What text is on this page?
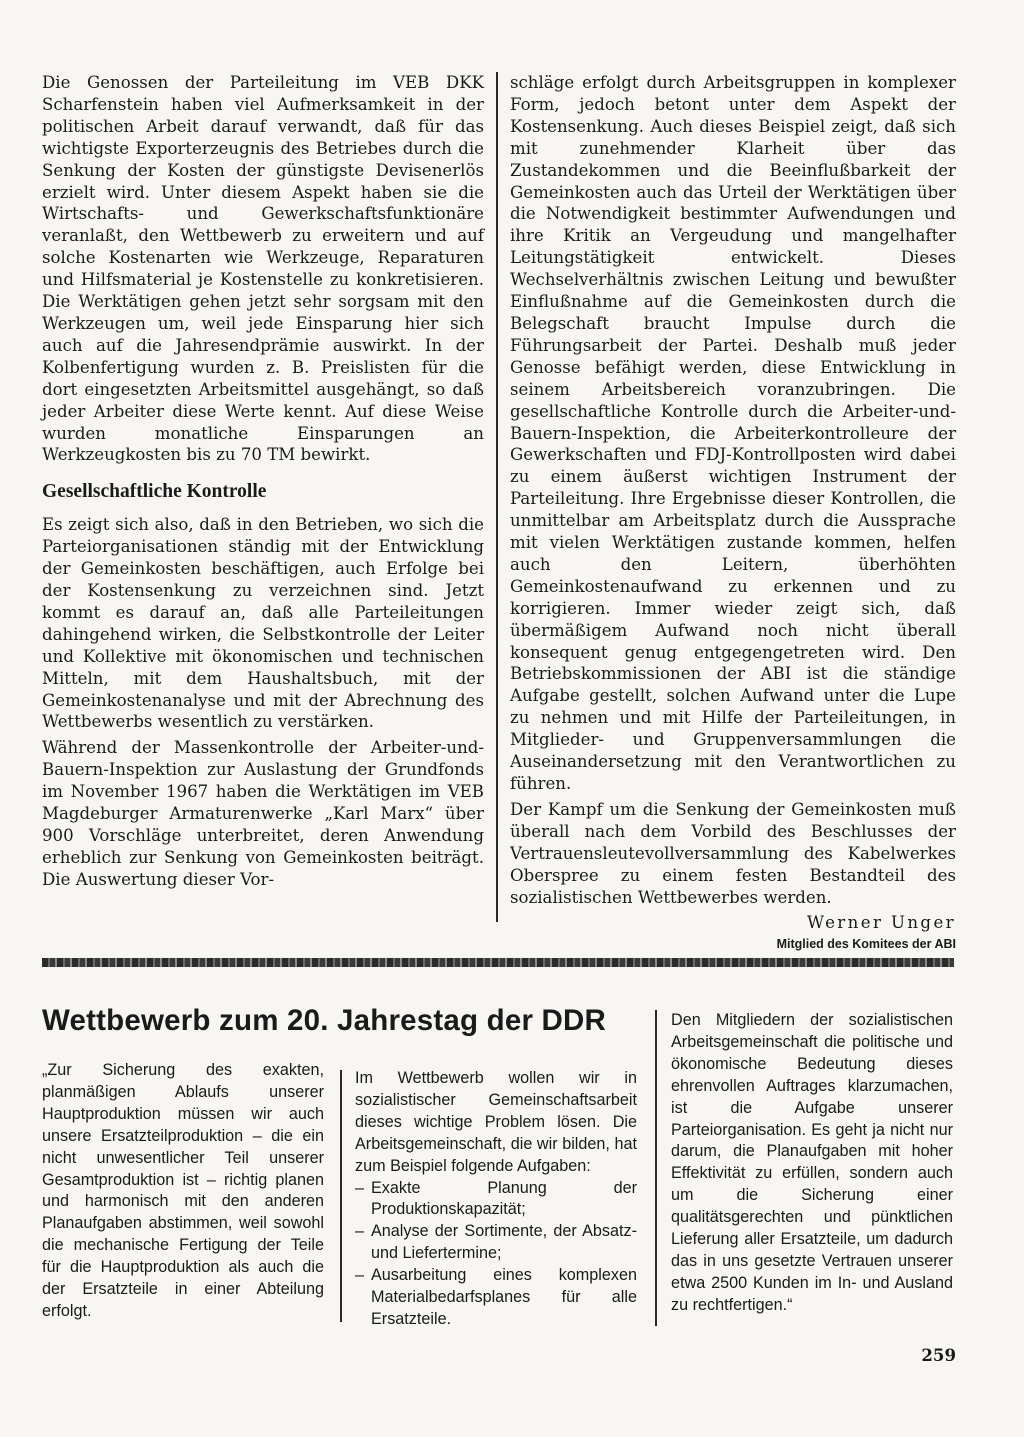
Die Genossen der Parteileitung im VEB DKK Scharfenstein haben viel Aufmerksamkeit in der politischen Arbeit darauf verwandt, daß für das wichtigste Exporterzeugnis des Betriebes durch die Senkung der Kosten der günstigste Devisenerlös erzielt wird. Unter diesem Aspekt haben sie die Wirtschafts- und Gewerkschaftsfunktionäre veranlaßt, den Wettbewerb zu erweitern und auf solche Kostenarten wie Werkzeuge, Reparaturen und Hilfsmaterial je Kostenstelle zu konkretisieren. Die Werktätigen gehen jetzt sehr sorgsam mit den Werkzeugen um, weil jede Einsparung hier sich auch auf die Jahresendprämie auswirkt. In der Kolbenfertigung wurden z. B. Preislisten für die dort eingesetzten Arbeitsmittel ausgehängt, so daß jeder Arbeiter diese Werte kennt. Auf diese Weise wurden monatliche Einsparungen an Werkzeugkosten bis zu 70 TM bewirkt.

Gesellschaftliche Kontrolle

Es zeigt sich also, daß in den Betrieben, wo sich die Parteiorganisationen ständig mit der Entwicklung der Gemeinkosten beschäftigen, auch Erfolge bei der Kostensenkung zu verzeichnen sind. Jetzt kommt es darauf an, daß alle Parteileitungen dahingehend wirken, die Selbstkontrolle der Leiter und Kollektive mit ökonomischen und technischen Mitteln, mit dem Haushaltsbuch, mit der Gemeinkostenanalyse und mit der Abrechnung des Wettbewerbs wesentlich zu verstärken.

Während der Massenkontrolle der Arbeiter-und-Bauern-Inspektion zur Auslastung der Grundfonds im November 1967 haben die Werktätigen im VEB Magdeburger Armaturenwerke „Karl Marx“ über 900 Vorschläge unterbreitet, deren Anwendung erheblich zur Senkung von Gemeinkosten beiträgt. Die Auswertung dieser Vor-

schläge erfolgt durch Arbeitsgruppen in komplexer Form, jedoch betont unter dem Aspekt der Kostensenkung. Auch dieses Beispiel zeigt, daß sich mit zunehmender Klarheit über das Zustandekommen und die Beeinflußbarkeit der Gemeinkosten auch das Urteil der Werktätigen über die Notwendigkeit bestimmter Aufwendungen und ihre Kritik an Vergeudung und mangelhafter Leitungstätigkeit entwickelt. Dieses Wechselverhältnis zwischen Leitung und bewußter Einflußnahme auf die Gemeinkosten durch die Belegschaft braucht Impulse durch die Führungsarbeit der Partei. Deshalb muß jeder Genosse befähigt werden, diese Entwicklung in seinem Arbeitsbereich voranzubringen. Die gesellschaftliche Kontrolle durch die Arbeiter-und-Bauern-Inspektion, die Arbeiterkontrolleure der Gewerkschaften und FDJ-Kontrollposten wird dabei zu einem äußerst wichtigen Instrument der Parteileitung. Ihre Ergebnisse dieser Kontrollen, die unmittelbar am Arbeitsplatz durch die Aussprache mit vielen Werktätigen zustande kommen, helfen auch den Leitern, überhöhten Gemeinkostenaufwand zu erkennen und zu korrigieren. Immer wieder zeigt sich, daß übermäßigem Aufwand noch nicht überall konsequent genug entgegengetreten wird. Den Betriebskommissionen der ABI ist die ständige Aufgabe gestellt, solchen Aufwand unter die Lupe zu nehmen und mit Hilfe der Parteileitungen, in Mitglieder- und Gruppenversammlungen die Auseinandersetzung mit den Verantwortlichen zu führen.

Der Kampf um die Senkung der Gemeinkosten muß überall nach dem Vorbild des Beschlusses der Vertrauensleutevollversammlung des Kabelwerkes Oberspree zu einem festen Bestandteil des sozialistischen Wettbewerbes werden.

Werner Unger
Mitglied des Komitees der ABI
Wettbewerb zum 20. Jahrestag der DDR

„Zur Sicherung des exakten, planmäßigen Ablaufs unserer Hauptproduktion müssen wir auch unsere Ersatzteilproduktion – die ein nicht unwesentlicher Teil unserer Gesamtproduktion ist – richtig planen und harmonisch mit den anderen Planaufgaben abstimmen, weil sowohl die mechanische Fertigung der Teile für die Hauptproduktion als auch die der Ersatzteile in einer Abteilung erfolgt.

Im Wettbewerb wollen wir in sozialistischer Gemeinschaftsarbeit dieses wichtige Problem lösen. Die Arbeitsgemeinschaft, die wir bilden, hat zum Beispiel folgende Aufgaben:

– Exakte Planung der Produktionskapazität;
– Analyse der Sortimente, der Absatz- und Liefertermine;
– Ausarbeitung eines komplexen Materialbedarfsplanes für alle Ersatzteile.

Den Mitgliedern der sozialistischen Arbeitsgemeinschaft die politische und ökonomische Bedeutung dieses ehrenvollen Auftrages klarzumachen, ist die Aufgabe unserer Parteiorganisation. Es geht ja nicht nur darum, die Planaufgaben mit hoher Effektivität zu erfüllen, sondern auch um die Sicherung einer qualitätsgerechten und pünktlichen Lieferung aller Ersatzteile, um dadurch das in uns gesetzte Vertrauen unserer etwa 2500 Kunden im In- und Ausland zu rechtfertigen.“

259
